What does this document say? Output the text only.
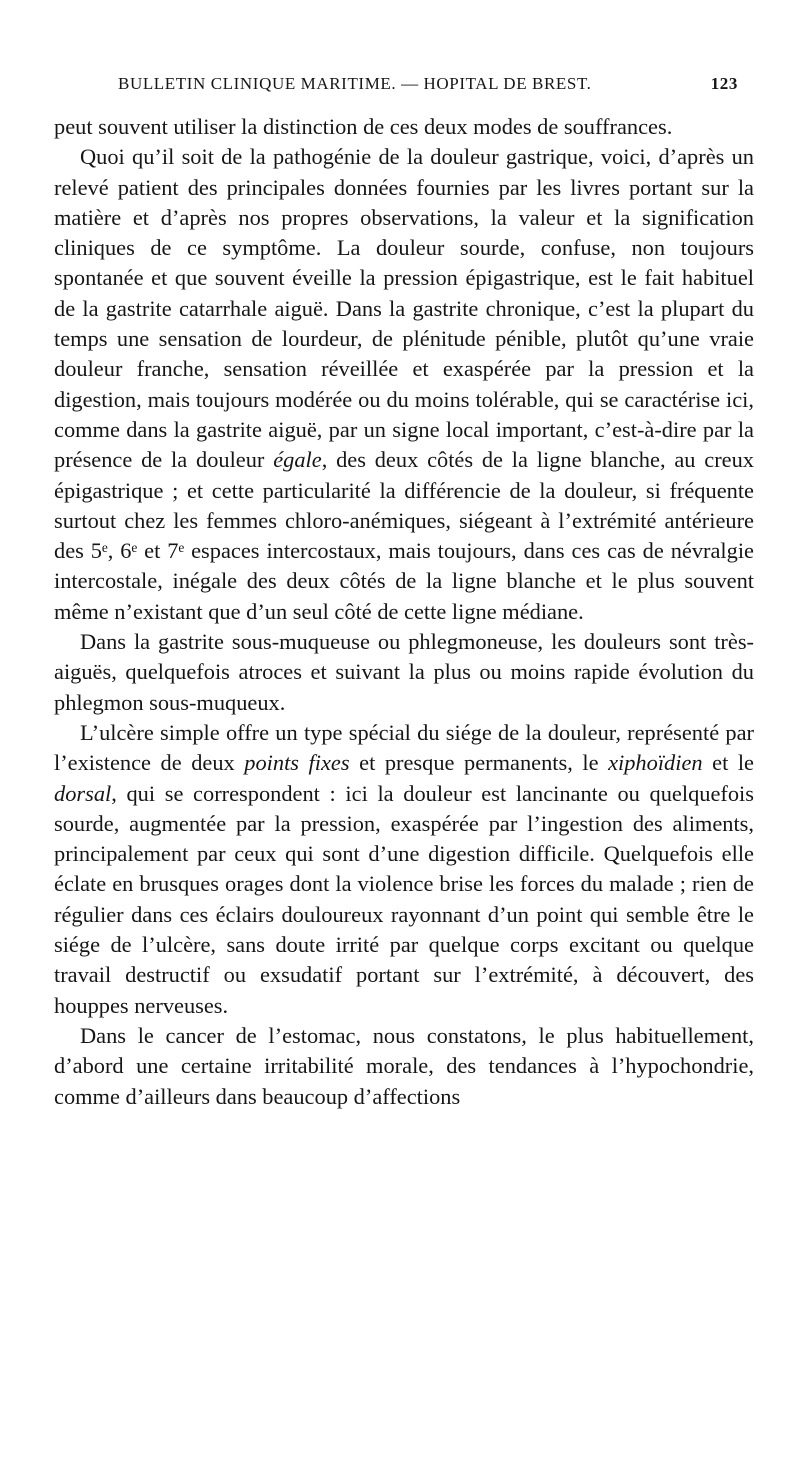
BULLETIN CLINIQUE MARITIME. — HOPITAL DE BREST.	123

peut souvent utiliser la distinction de ces deux modes de souffrances.

Quoi qu’il soit de la pathogénie de la douleur gastrique, voici, d’après un relevé patient des principales données fournies par les livres portant sur la matière et d’après nos propres observations, la valeur et la signification cliniques de ce symptôme. La douleur sourde, confuse, non toujours spontanée et que souvent éveille la pression épigastrique, est le fait habituel de la gastrite catarrhale aiguë. Dans la gastrite chronique, c’est la plupart du temps une sensation de lourdeur, de plénitude pénible, plutôt qu’une vraie douleur franche, sensation réveillée et exaspérée par la pression et la digestion, mais toujours modérée ou du moins tolérable, qui se caractérise ici, comme dans la gastrite aiguë, par un signe local important, c’est-à-dire par la présence de la douleur égale, des deux côtés de la ligne blanche, au creux épigastrique ; et cette particularité la différencie de la douleur, si fréquente surtout chez les femmes chloro-anémiques, siégeant à l’extrémité antérieure des 5ᵉ, 6ᵉ et 7ᵉ espaces intercostaux, mais toujours, dans ces cas de névralgie intercostale, inégale des deux côtés de la ligne blanche et le plus souvent même n’existant que d’un seul côté de cette ligne médiane.

Dans la gastrite sous-muqueuse ou phlegmoneuse, les douleurs sont très-aiguës, quelquefois atroces et suivant la plus ou moins rapide évolution du phlegmon sous-muqueux.

L’ulcère simple offre un type spécial du siége de la douleur, représenté par l’existence de deux points fixes et presque permanents, le xiphoïdien et le dorsal, qui se correspondent : ici la douleur est lancinante ou quelquefois sourde, augmentée par la pression, exaspérée par l’ingestion des aliments, principalement par ceux qui sont d’une digestion difficile. Quelquefois elle éclate en brusques orages dont la violence brise les forces du malade ; rien de régulier dans ces éclairs douloureux rayonnant d’un point qui semble être le siége de l’ulcère, sans doute irrité par quelque corps excitant ou quelque travail destructif ou exsudatif portant sur l’extrémité, à découvert, des houppes nerveuses.

Dans le cancer de l’estomac, nous constatons, le plus habituellement, d’abord une certaine irritabilité morale, des tendances à l’hypochondrie, comme d’ailleurs dans beaucoup d’affections
